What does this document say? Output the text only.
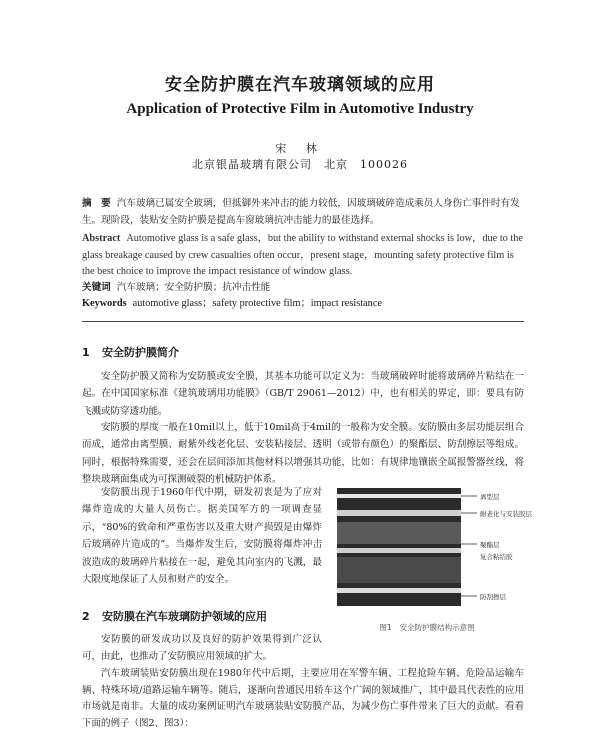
安全防护膜在汽车玻璃领域的应用
Application of Protective Film in Automotive Industry
宋 林
北京银晶玻璃有限公司　北京　100026
摘　要 汽车玻璃已属安全玻璃，但抵御外来冲击的能力较低，因玻璃破碎造成乘员人身伤亡事件时有发生。现阶段，装贴安全防护膜是提高车窗玻璃抗冲击能力的最佳选择。
Abstract Automotive glass is a safe glass，but the ability to withstand external shocks is low，due to the glass breakage caused by crew casualties often occur，present stage，mounting safety protective film is the best choice to improve the impact resistance of window glass.
关键词 汽车玻璃；安全防护膜；抗冲击性能
Keywords automotive glass；safety protective film；impact resistance
1 安全防护膜简介

安全防护膜又简称为安防膜或安全膜，其基本功能可以定义为：当玻璃破碎时能将玻璃碎片粘结在一起。在中国国家标准《建筑玻璃用功能膜》（GB/T 29061—2012）中，也有相关的界定，即：要具有防飞溅或防穿透功能。

安防膜的厚度一般在10mil以上，低于10mil高于4mil的一般称为安全膜。安防膜由多层功能层组合而成，通常由离型膜、耐紫外线老化层、安装粘接层、透明（或带有颜色）的聚酯层、防刮擦层等组成。同时，根据特殊需要，还会在层间添加其他材料以增强其功能，比如：有规律地镶嵌全属报警器丝线，将整块玻璃面集成为可探测破裂的机械防护体系。

安防膜出现于1960年代中期，研发初衷是为了应对爆炸造成的大量人员伤亡。据美国军方的一项调查显示，“80%的致命和严重伤害以及重大财产损毁是由爆炸后玻璃碎片造成的”。当爆炸发生后，安防膜将爆炸冲击波造成的玻璃碎片粘接在一起，避免其向室内的飞溅，最大限度地保证了人员和财产的安全。

离型层
耐老化与安装胶层
聚酯层
复合粘结胶
防刮擦层
图1 安全防护膜结构示意图
2 安防膜在汽车玻璃防护领域的应用

安防膜的研发成功以及良好的防护效果得到广泛认可，由此，也推动了安防膜应用领域的扩大。

汽车玻璃装贴安防膜出现在1980年代中后期，主要应用在军警车辆、工程抢险车辆、危险品运输车辆、特殊环境/道路运输车辆等。随后，逐渐向普通民用轿车这个广阔的领域推广，其中最具代表性的应用市场就是南非。大量的成功案例证明汽车玻璃装贴安防膜产品，为减少伤亡事件带来了巨大的贡献。看看下面的例子（图2、图3）：
